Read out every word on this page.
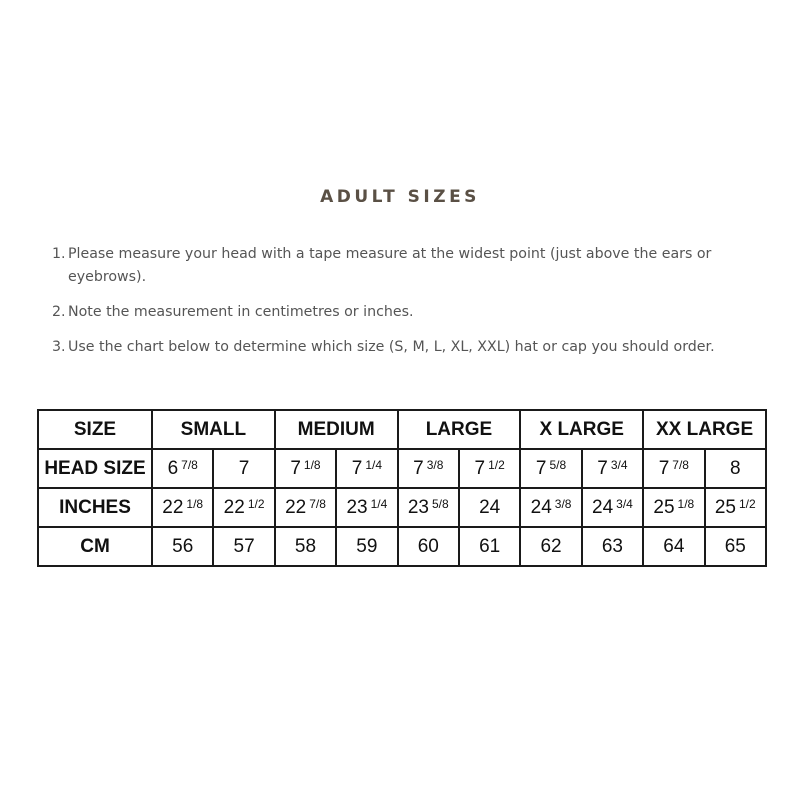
ADULT SIZES
1. Please measure your head with a tape measure at the widest point (just above the ears or eyebrows).
2. Note the measurement in centimetres or inches.
3. Use the chart below to determine which size (S, M, L, XL, XXL) hat or cap you should order.
SIZE	SMALL		MEDIUM		LARGE		X LARGE		XX LARGE	
HEAD SIZE	6 $^{7/8}$	7	7 $^{1/8}$	7 $^{1/4}$	7 $^{3/8}$	7 $^{1/2}$	7 $^{5/8}$	7 $^{3/4}$	7 $^{7/8}$	8
INCHES	22 $^{1/8}$	22 $^{1/2}$	22 $^{7/8}$	23 $^{1/4}$	23 $^{5/8}$	24	24 $^{3/8}$	24 $^{3/4}$	25 $^{1/8}$	25 $^{1/2}$
CM	56	57	58	59	60	61	62	63	64	65
